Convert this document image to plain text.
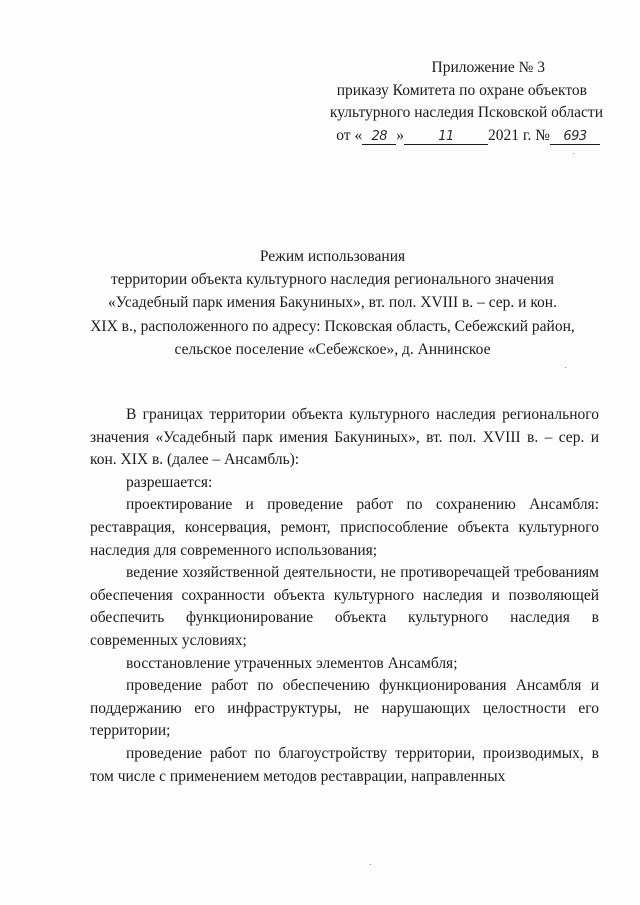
Приложение № 3
приказу Комитета по охране объектов
культурного наследия Псковской области
от « 28 »	11 2021 г. № 693
Режим использования
территории объекта культурного наследия регионального значения
«Усадебный парк имения Бакуниных», вт. пол. XVIII в. – сер. и кон.
XIX в., расположенного по адресу: Псковская область, Себежский район,
сельское поселение «Себежское», д. Аннинское

В границах территории объекта культурного наследия регионального значения «Усадебный парк имения Бакуниных», вт. пол. XVIII в. – сер. и кон. XIX в. (далее – Ансамбль):

разрешается:

проектирование и проведение работ по сохранению Ансамбля: реставрация, консервация, ремонт, приспособление объекта культурного наследия для современного использования;

ведение хозяйственной деятельности, не противоречащей требованиям обеспечения сохранности объекта культурного наследия и позволяющей обеспечить функционирование объекта культурного наследия в современных условиях;

восстановление утраченных элементов Ансамбля;

проведение работ по обеспечению функционирования Ансамбля и поддержанию его инфраструктуры, не нарушающих целостности его территории;

проведение работ по благоустройству территории, производимых, в том числе с применением методов реставрации, направленных
